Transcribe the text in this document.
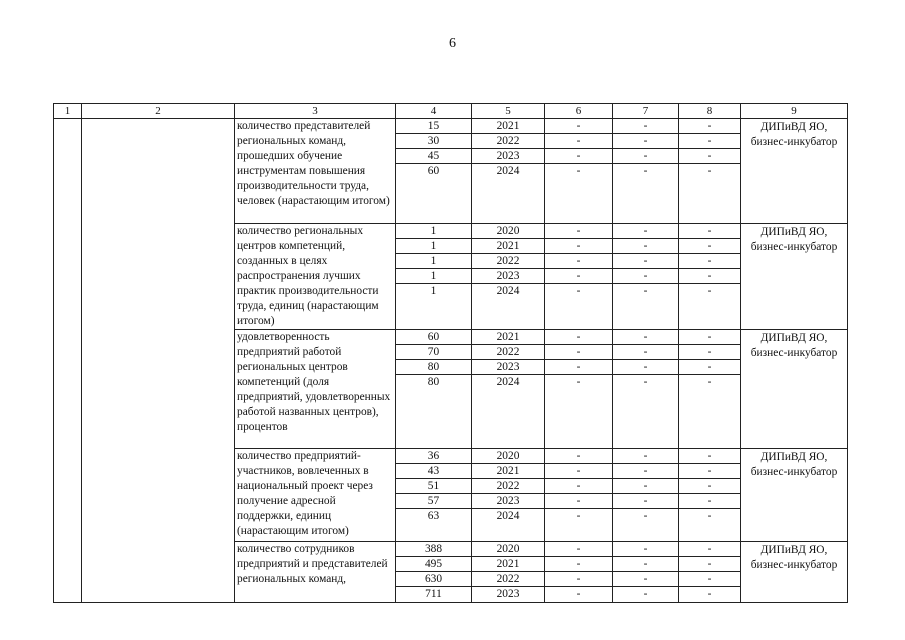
6
1	2	3	4	5	6	7	8	9
		количество представителей региональных команд, прошедших обучение инструментам повышения производительности труда, человек (нарастающим итогом)	15	2021	-	-	-	ДИПиВД ЯО, бизнес-инкубатор
			30	2022	-	-	-	
			45	2023	-	-	-	
			60	2024	-	-	-	
		количество региональных центров компетенций, созданных в целях распространения лучших практик производительности труда, единиц (нарастающим итогом)	1	2020	-	-	-	ДИПиВД ЯО, бизнес-инкубатор
			1	2021	-	-	-	
			1	2022	-	-	-	
			1	2023	-	-	-	
			1	2024	-	-	-	
		удовлетворенность предприятий работой региональных центров компетенций (доля предприятий, удовлетворенных работой названных центров), процентов	60	2021	-	-	-	ДИПиВД ЯО, бизнес-инкубатор
			70	2022	-	-	-	
			80	2023	-	-	-	
			80	2024	-	-	-	
		количество предприятий-участников, вовлеченных в национальный проект через получение адресной поддержки, единиц (нарастающим итогом)	36	2020	-	-	-	ДИПиВД ЯО, бизнес-инкубатор
			43	2021	-	-	-	
			51	2022	-	-	-	
			57	2023	-	-	-	
			63	2024	-	-	-	
		количество сотрудников предприятий и представителей региональных команд,	388	2020	-	-	-	ДИПиВД ЯО, бизнес-инкубатор
			495	2021	-	-	-	
			630	2022	-	-	-	
			711	2023	-	-	-	
